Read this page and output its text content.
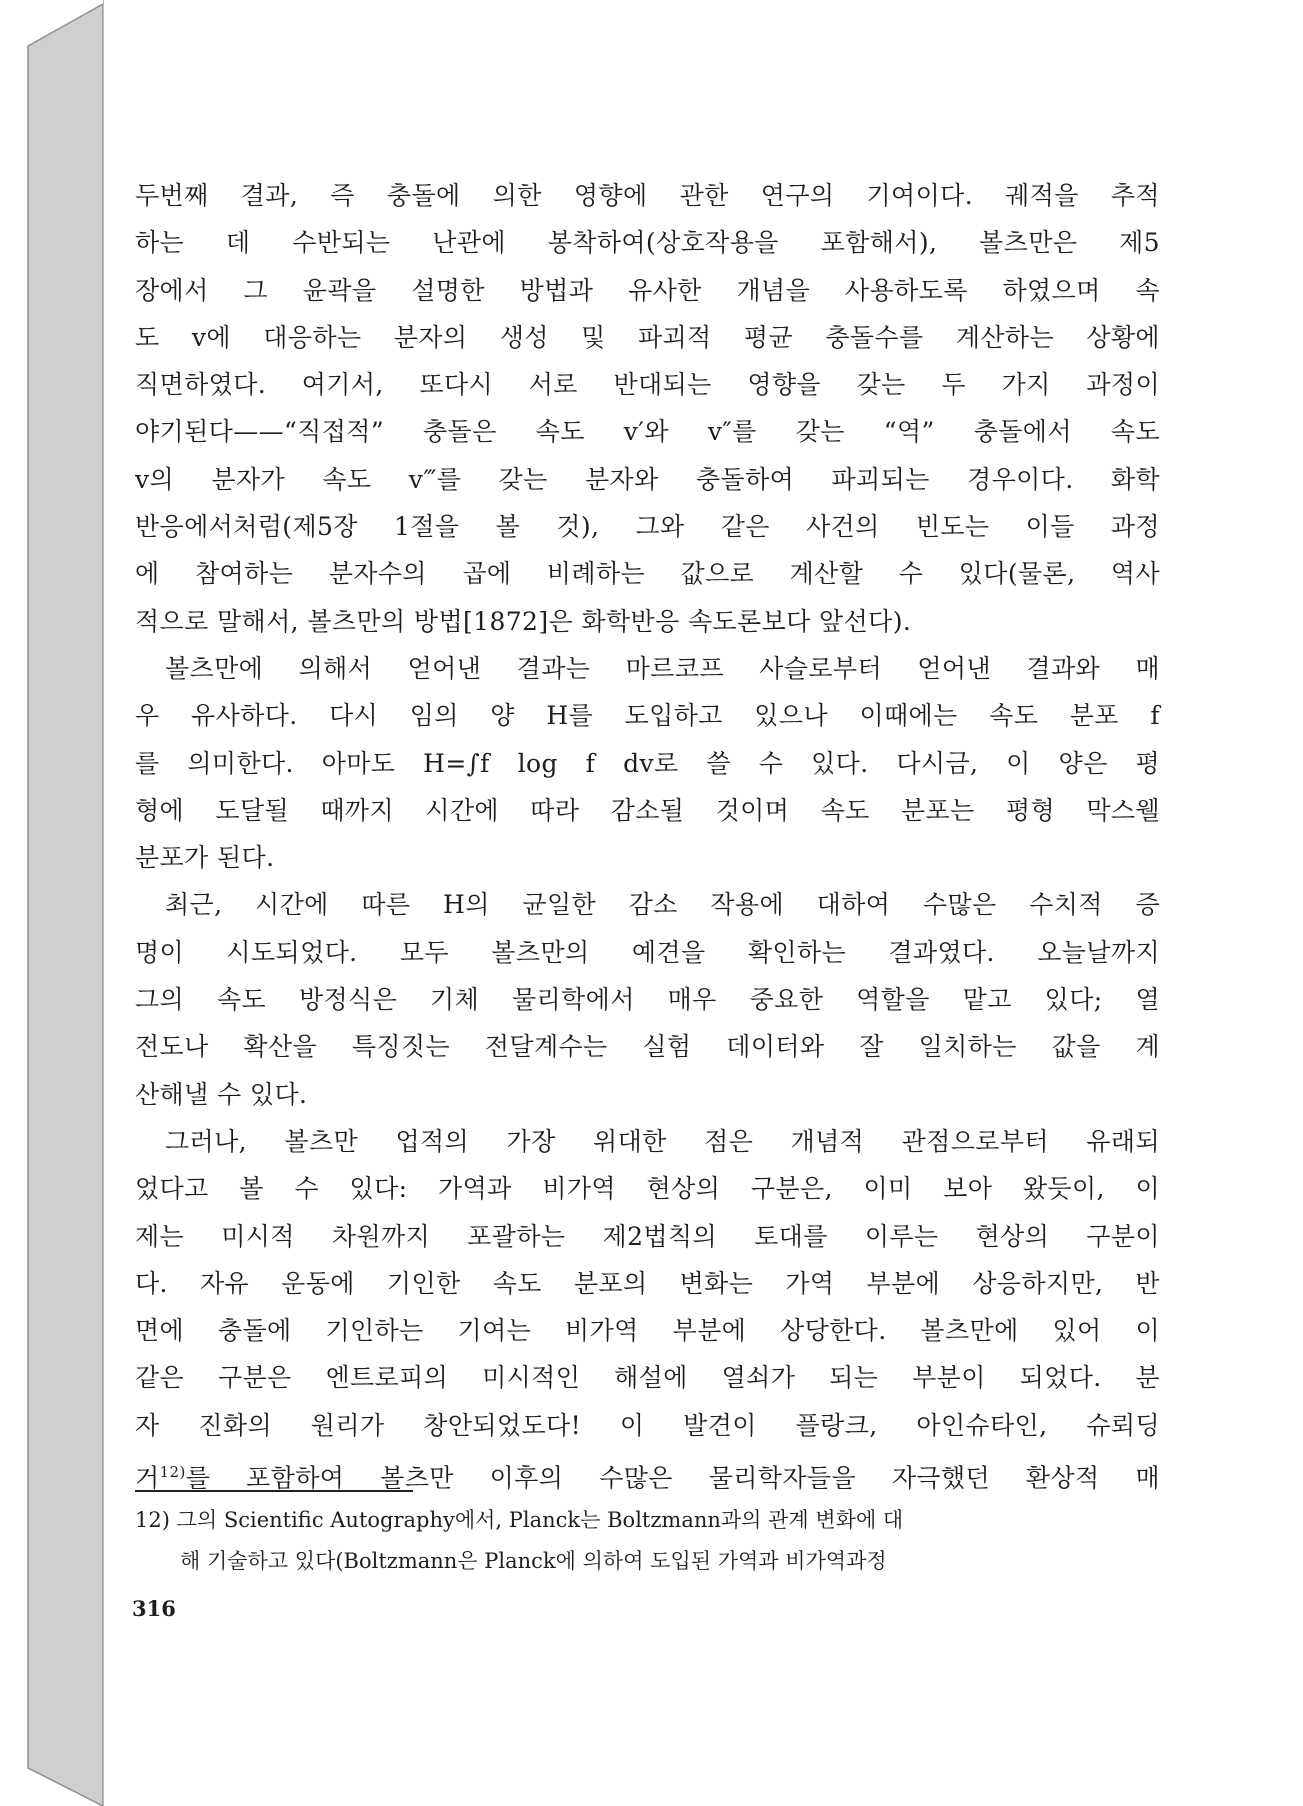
두번째 결과, 즉 충돌에 의한 영향에 관한 연구의 기여이다. 궤적을 추적
하는 데 수반되는 난관에 봉착하여(상호작용을 포함해서), 볼츠만은 제5
장에서 그 윤곽을 설명한 방법과 유사한 개념을 사용하도록 하였으며 속
도 v에 대응하는 분자의 생성 및 파괴적 평균 충돌수를 계산하는 상황에
직면하였다. 여기서, 또다시 서로 반대되는 영향을 갖는 두 가지 과정이
야기된다——“직접적” 충돌은 속도 v′와 v″를 갖는 “역” 충돌에서 속도
v의 분자가 속도 v‴를 갖는 분자와 충돌하여 파괴되는 경우이다. 화학
반응에서처럼(제5장 1절을 볼 것), 그와 같은 사건의 빈도는 이들 과정
에 참여하는 분자수의 곱에 비례하는 값으로 계산할 수 있다(물론, 역사
적으로 말해서, 볼츠만의 방법[1872]은 화학반응 속도론보다 앞선다).

볼츠만에 의해서 얻어낸 결과는 마르코프 사슬로부터 얻어낸 결과와 매
우 유사하다. 다시 임의 양 H를 도입하고 있으나 이때에는 속도 분포 f
를 의미한다. 아마도 H=∫f log f dv로 쓸 수 있다. 다시금, 이 양은 평
형에 도달될 때까지 시간에 따라 감소될 것이며 속도 분포는 평형 막스웰
분포가 된다.

최근, 시간에 따른 H의 균일한 감소 작용에 대하여 수많은 수치적 증
명이 시도되었다. 모두 볼츠만의 예견을 확인하는 결과였다. 오늘날까지
그의 속도 방정식은 기체 물리학에서 매우 중요한 역할을 맡고 있다; 열
전도나 확산을 특징짓는 전달계수는 실험 데이터와 잘 일치하는 값을 계
산해낼 수 있다.

그러나, 볼츠만 업적의 가장 위대한 점은 개념적 관점으로부터 유래되
었다고 볼 수 있다: 가역과 비가역 현상의 구분은, 이미 보아 왔듯이, 이
제는 미시적 차원까지 포괄하는 제2법칙의 토대를 이루는 현상의 구분이
다. 자유 운동에 기인한 속도 분포의 변화는 가역 부분에 상응하지만, 반
면에 충돌에 기인하는 기여는 비가역 부분에 상당한다. 볼츠만에 있어 이
같은 구분은 엔트로피의 미시적인 해설에 열쇠가 되는 부분이 되었다. 분
자 진화의 원리가 창안되었도다! 이 발견이 플랑크, 아인슈타인, 슈뢰딩
거$^{12)}$를 포함하여 볼츠만 이후의 수많은 물리학자들을 자극했던 환상적 매

12) 그의 Scientific Autography에서, Planck는 Boltzmann과의 관계 변화에 대
해 기술하고 있다(Boltzmann은 Planck에 의하여 도입된 가역과 비가역과정
316
